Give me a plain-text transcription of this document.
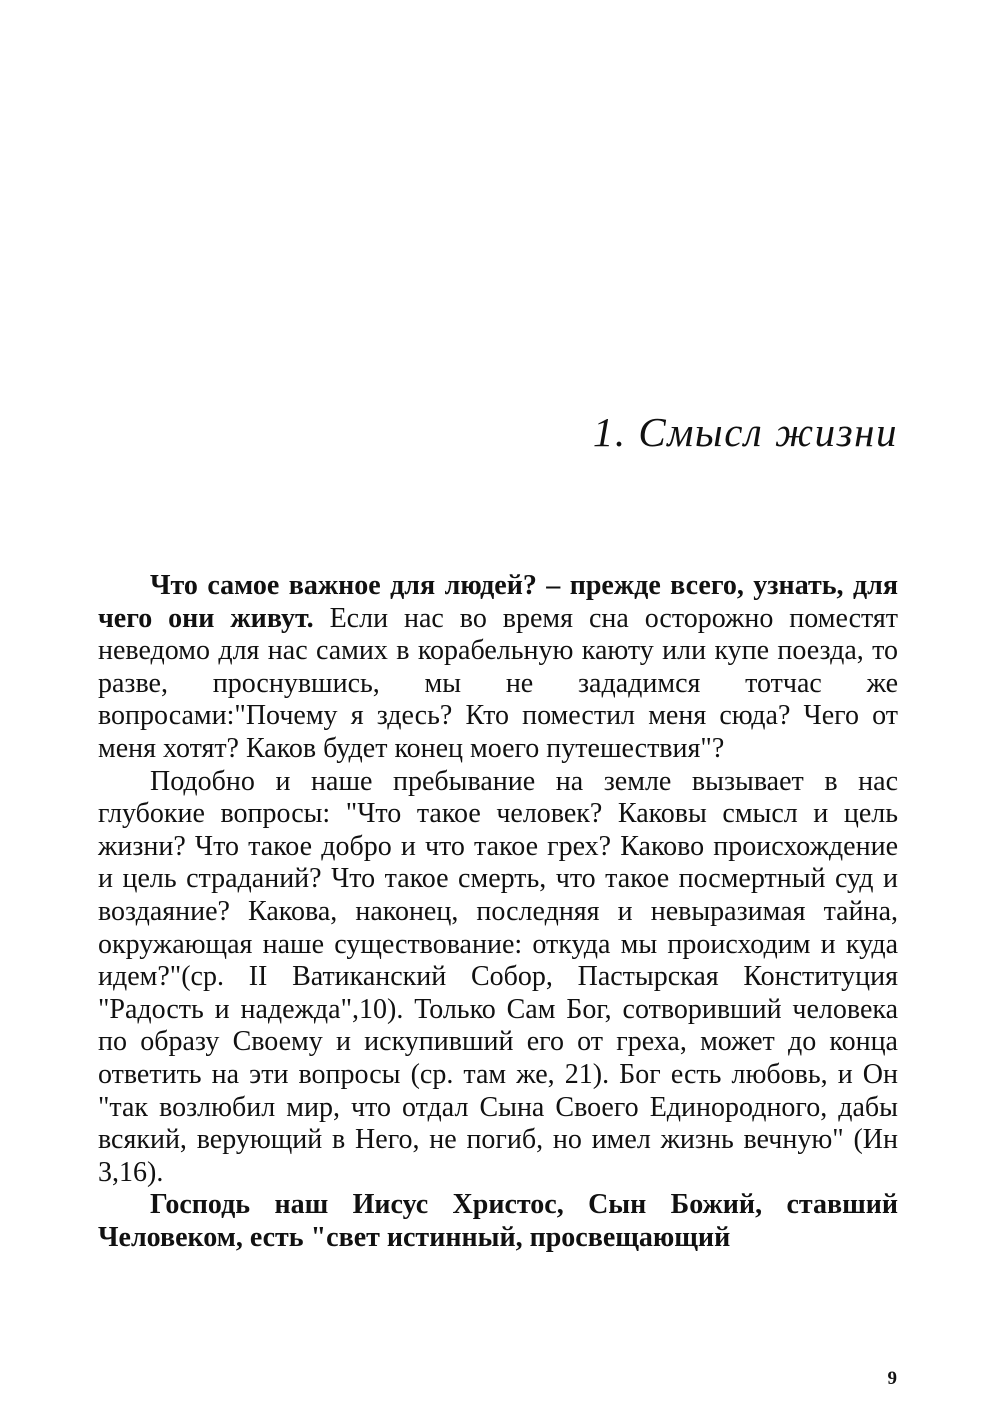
1. Смысл жизни

Что самое важное для людей? – прежде всего, узнать, для чего они живут. Если нас во время сна осторожно поместят неведомо для нас самих в корабельную каюту или купе поезда, то разве, проснувшись, мы не зададимся тотчас же вопросами:"Почему я здесь? Кто поместил меня сюда? Чего от меня хотят? Каков будет конец моего путешествия"?

Подобно и наше пребывание на земле вызывает в нас глубокие вопросы: "Что такое человек? Каковы смысл и цель жизни? Что такое добро и что такое грех? Каково происхождение и цель страданий? Что такое смерть, что такое посмертный суд и воздаяние? Какова, наконец, последняя и невыразимая тайна, окружающая наше существование: откуда мы происходим и куда идем?"(ср. II Ватиканский Собор, Пастырская Конституция "Радость и надежда",10). Только Сам Бог, сотворивший человека по образу Своему и искупивший его от греха, может до конца ответить на эти вопросы (ср. там же, 21). Бог есть любовь, и Он "так возлюбил мир, что отдал Сына Своего Единородного, дабы всякий, верующий в Него, не погиб, но имел жизнь вечную" (Ин 3,16).

Господь наш Иисус Христос, Сын Божий, ставший Человеком, есть "свет истинный, просвещающий

9
